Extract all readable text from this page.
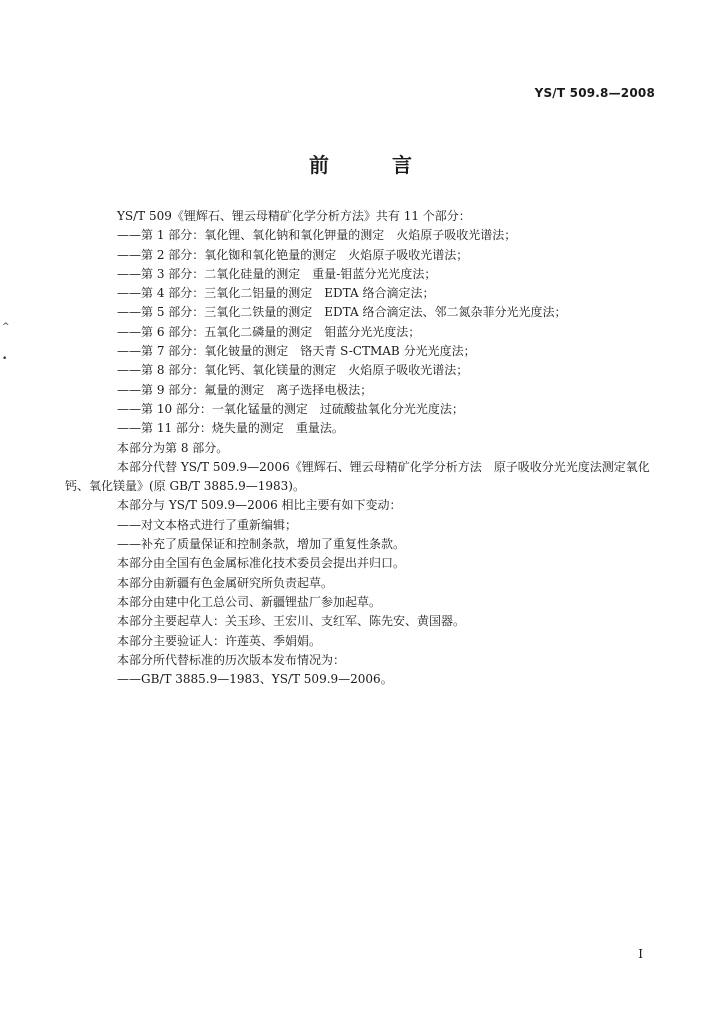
YS/T 509.8—2008
前 言
^
•
YS/T 509《锂辉石、锂云母精矿化学分析方法》共有 11 个部分：
——第 1 部分：氧化锂、氧化钠和氧化钾量的测定　火焰原子吸收光谱法；
——第 2 部分：氧化铷和氧化铯量的测定　火焰原子吸收光谱法；
——第 3 部分：二氧化硅量的测定　重量-钼蓝分光光度法；
——第 4 部分：三氧化二铝量的测定　EDTA 络合滴定法；
——第 5 部分：三氧化二铁量的测定　EDTA 络合滴定法、邻二氮杂菲分光光度法；
——第 6 部分：五氧化二磷量的测定　钼蓝分光光度法；
——第 7 部分：氧化铍量的测定　铬天青 S-CTMAB 分光光度法；
——第 8 部分：氧化钙、氧化镁量的测定　火焰原子吸收光谱法；
——第 9 部分：氟量的测定　离子选择电极法；
——第 10 部分：一氧化锰量的测定　过硫酸盐氧化分光光度法；
——第 11 部分：烧失量的测定　重量法。
本部分为第 8 部分。
本部分代替 YS/T 509.9—2006《锂辉石、锂云母精矿化学分析方法　原子吸收分光光度法测定氧化钙、氧化镁量》(原 GB/T 3885.9—1983)。
本部分与 YS/T 509.9—2006 相比主要有如下变动：
——对文本格式进行了重新编辑；
——补充了质量保证和控制条款，增加了重复性条款。
本部分由全国有色金属标准化技术委员会提出并归口。
本部分由新疆有色金属研究所负责起草。
本部分由建中化工总公司、新疆锂盐厂参加起草。
本部分主要起草人：关玉珍、王宏川、支红军、陈先安、黄国器。
本部分主要验证人：许莲英、季娟娟。
本部分所代替标准的历次版本发布情况为：
——GB/T 3885.9—1983、YS/T 509.9—2006。
I
